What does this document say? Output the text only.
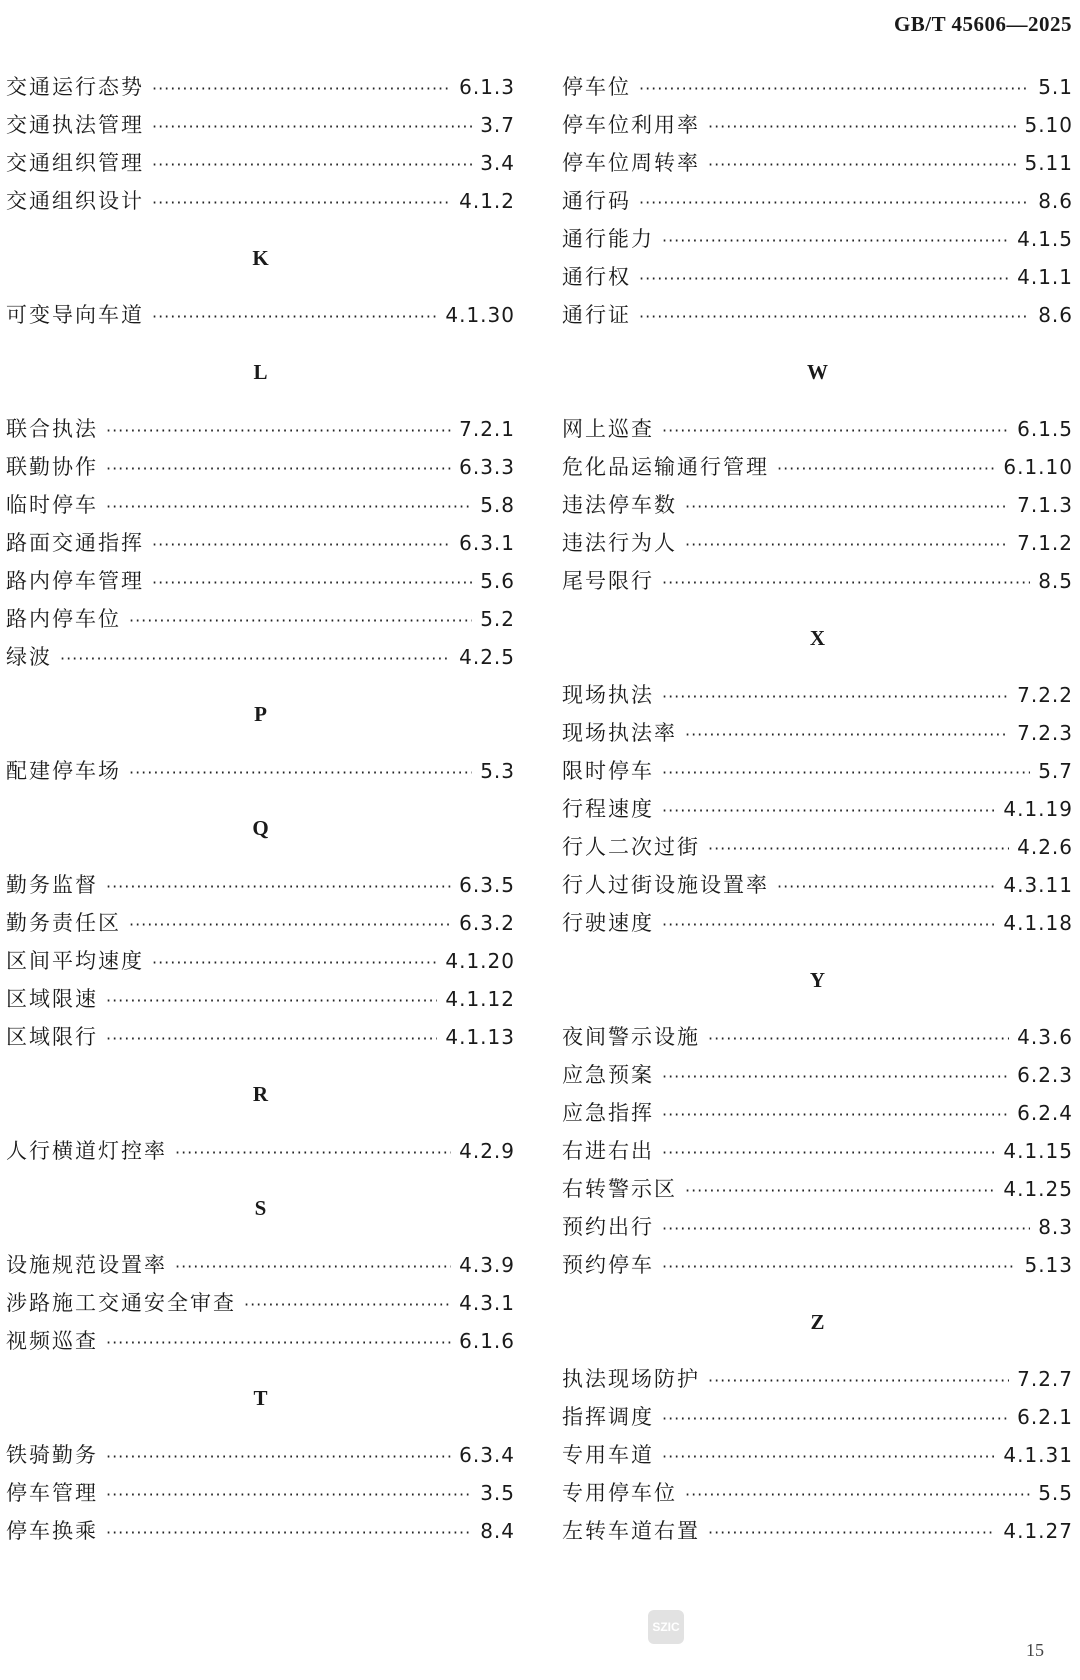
GB/T 45606—2025
交通运行态势 ·····	6.1.3
交通执法管理 ·····	3.7
交通组织管理 ·····	3.4
交通组织设计 ·····	4.1.2
K
可变导向车道 ·····	4.1.30
L
联合执法 ·····	7.2.1
联勤协作 ·····	6.3.3
临时停车 ·····	5.8
路面交通指挥 ·····	6.3.1
路内停车管理 ·····	5.6
路内停车位 ·····	5.2
绿波 ·····	4.2.5
P
配建停车场 ·····	5.3
Q
勤务监督 ·····	6.3.5
勤务责任区 ·····	6.3.2
区间平均速度 ·····	4.1.20
区域限速 ·····	4.1.12
区域限行 ·····	4.1.13
R
人行横道灯控率 ·····	4.2.9
S
设施规范设置率 ·····	4.3.9
涉路施工交通安全审查 ·····	4.3.1
视频巡查 ·····	6.1.6
T
铁骑勤务 ·····	6.3.4
停车管理 ·····	3.5
停车换乘 ·····	8.4
停车位 ·····	5.1
停车位利用率 ·····	5.10
停车位周转率 ·····	5.11
通行码 ·····	8.6
通行能力 ·····	4.1.5
通行权 ·····	4.1.1
通行证 ·····	8.6
W
网上巡查 ·····	6.1.5
危化品运输通行管理 ·····	6.1.10
违法停车数 ·····	7.1.3
违法行为人 ·····	7.1.2
尾号限行 ·····	8.5
X
现场执法 ·····	7.2.2
现场执法率 ·····	7.2.3
限时停车 ·····	5.7
行程速度 ·····	4.1.19
行人二次过街 ·····	4.2.6
行人过街设施设置率 ·····	4.3.11
行驶速度 ·····	4.1.18
Y
夜间警示设施 ·····	4.3.6
应急预案 ·····	6.2.3
应急指挥 ·····	6.2.4
右进右出 ·····	4.1.15
右转警示区 ·····	4.1.25
预约出行 ·····	8.3
预约停车 ·····	5.13
Z
执法现场防护 ·····	7.2.7
指挥调度 ·····	6.2.1
专用车道 ·····	4.1.31
专用停车位 ·····	5.5
左转车道右置 ·····	4.1.27
SZIC
15
